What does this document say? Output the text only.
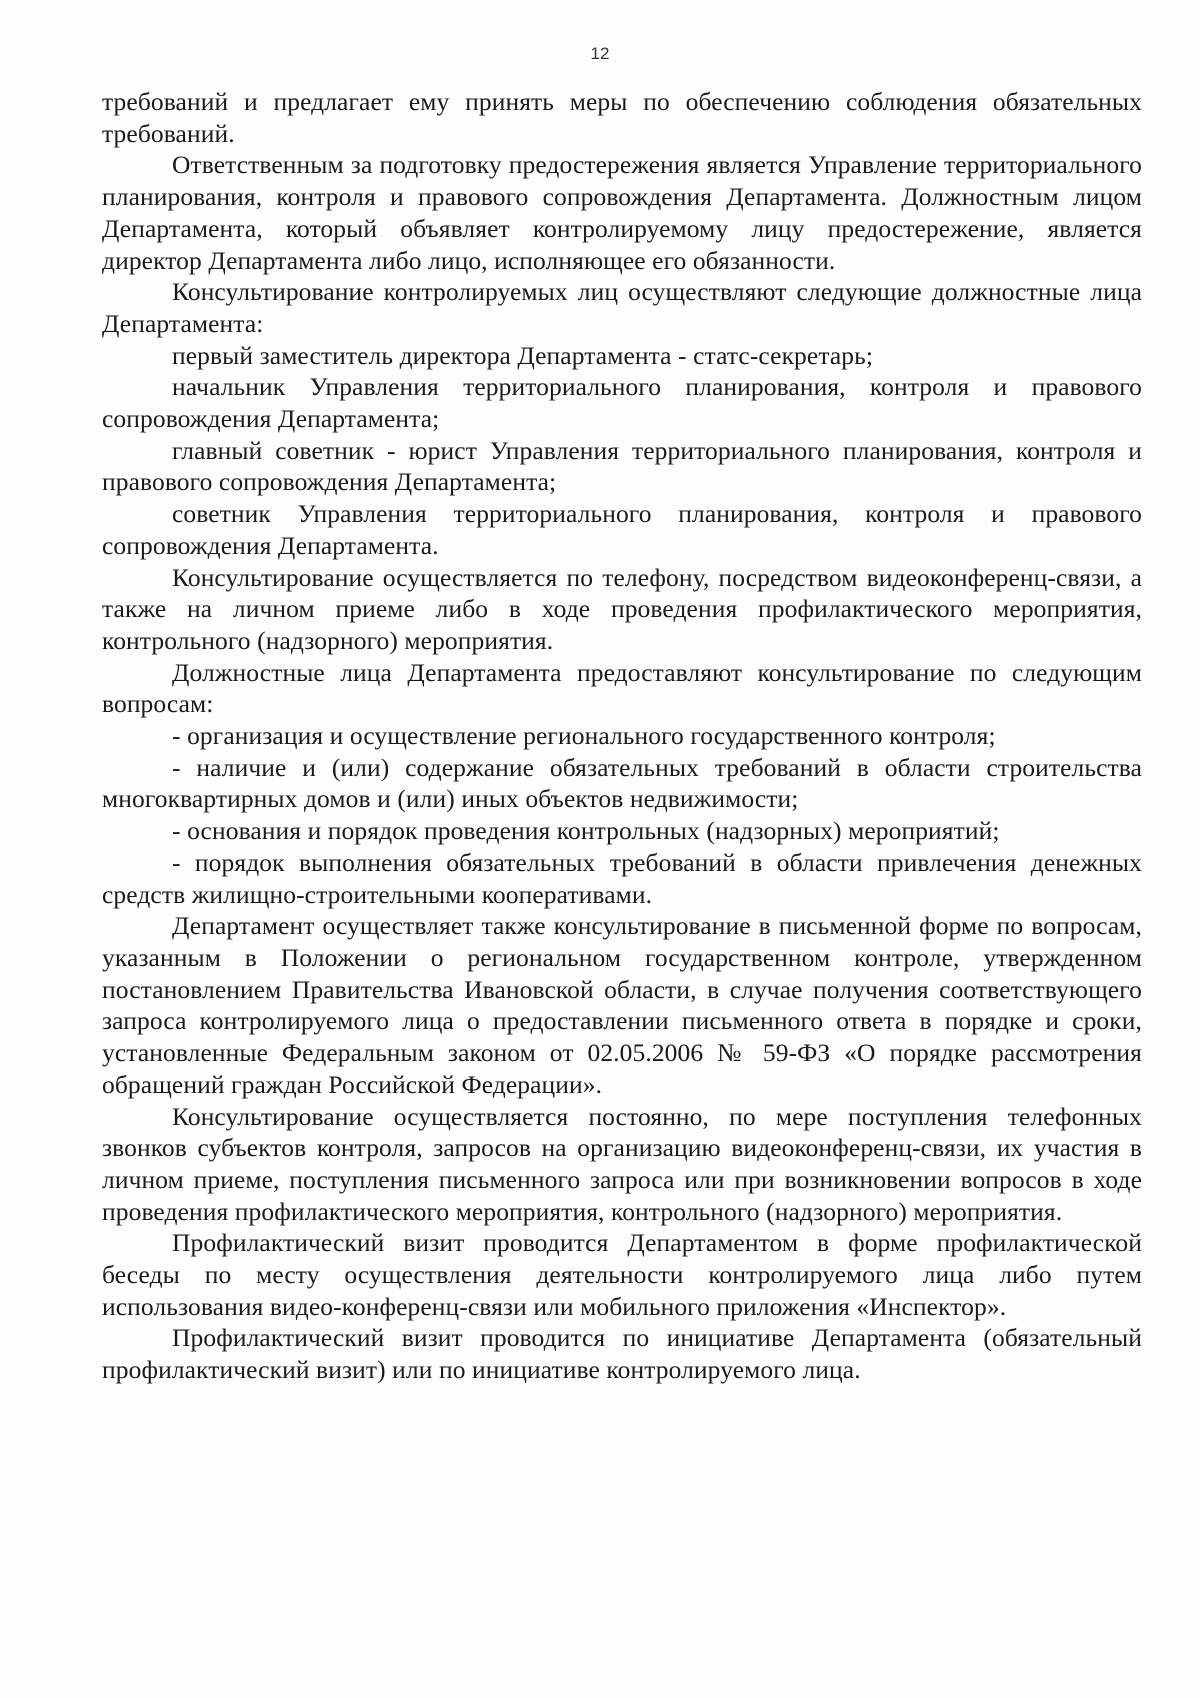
12

требований и предлагает ему принять меры по обеспечению соблюдения обязательных требований.

Ответственным за подготовку предостережения является Управление территориального планирования, контроля и правового сопровождения Департамента. Должностным лицом Департамента, который объявляет контролируемому лицу предостережение, является директор Департамента либо лицо, исполняющее его обязанности.

Консультирование контролируемых лиц осуществляют следующие должностные лица Департамента:

первый заместитель директора Департамента - статс-секретарь;

начальник Управления территориального планирования, контроля и правового сопровождения Департамента;

главный советник - юрист Управления территориального планирования, контроля и правового сопровождения Департамента;

советник Управления территориального планирования, контроля и правового сопровождения Департамента.

Консультирование осуществляется по телефону, посредством видеоконференц-связи, а также на личном приеме либо в ходе проведения профилактического мероприятия, контрольного (надзорного) мероприятия.

Должностные лица Департамента предоставляют консультирование по следующим вопросам:

- организация и осуществление регионального государственного контроля;

- наличие и (или) содержание обязательных требований в области строительства многоквартирных домов и (или) иных объектов недвижимости;

- основания и порядок проведения контрольных (надзорных) мероприятий;

- порядок выполнения обязательных требований в области привлечения денежных средств жилищно-строительными кооперативами.

Департамент осуществляет также консультирование в письменной форме по вопросам, указанным в Положении о региональном государственном контроле, утвержденном постановлением Правительства Ивановской области, в случае получения соответствующего запроса контролируемого лица о предоставлении письменного ответа в порядке и сроки, установленные Федеральным законом от 02.05.2006 № 59-ФЗ «О порядке рассмотрения обращений граждан Российской Федерации».

Консультирование осуществляется постоянно, по мере поступления телефонных звонков субъектов контроля, запросов на организацию видеоконференц-связи, их участия в личном приеме, поступления письменного запроса или при возникновении вопросов в ходе проведения профилактического мероприятия, контрольного (надзорного) мероприятия.

Профилактический визит проводится Департаментом в форме профилактической беседы по месту осуществления деятельности контролируемого лица либо путем использования видео-конференц-связи или мобильного приложения «Инспектор».

Профилактический визит проводится по инициативе Департамента (обязательный профилактический визит) или по инициативе контролируемого лица.
